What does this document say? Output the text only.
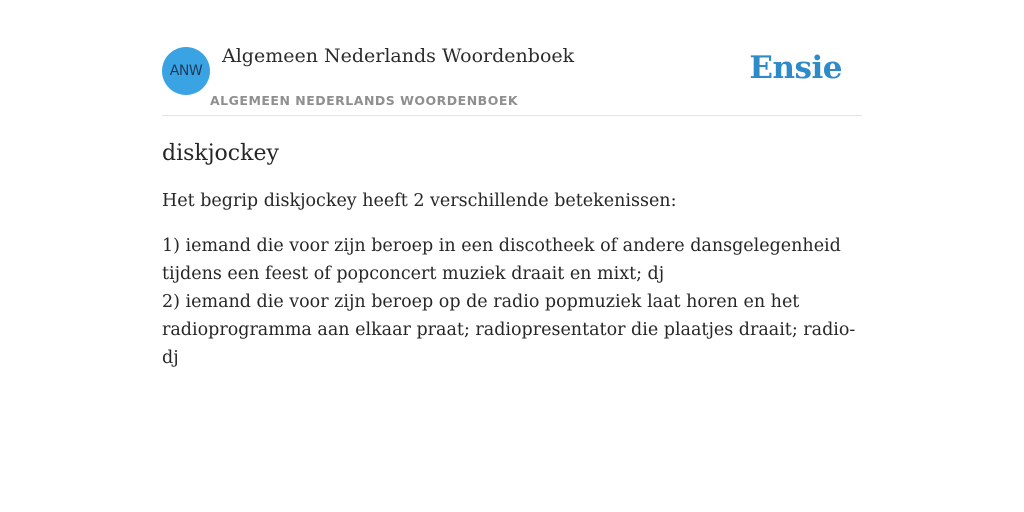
ANW
Algemeen Nederlands Woordenboek
ALGEMEEN NEDERLANDS WOORDENBOEK
Ensie
diskjockey

Het begrip diskjockey heeft 2 verschillende betekenissen:

1) iemand die voor zijn beroep in een discotheek of andere dansgelegenheid tijdens een feest of popconcert muziek draait en mixt; dj
2) iemand die voor zijn beroep op de radio popmuziek laat horen en het radioprogramma aan elkaar praat; radiopresentator die plaatjes draait; radio-dj
